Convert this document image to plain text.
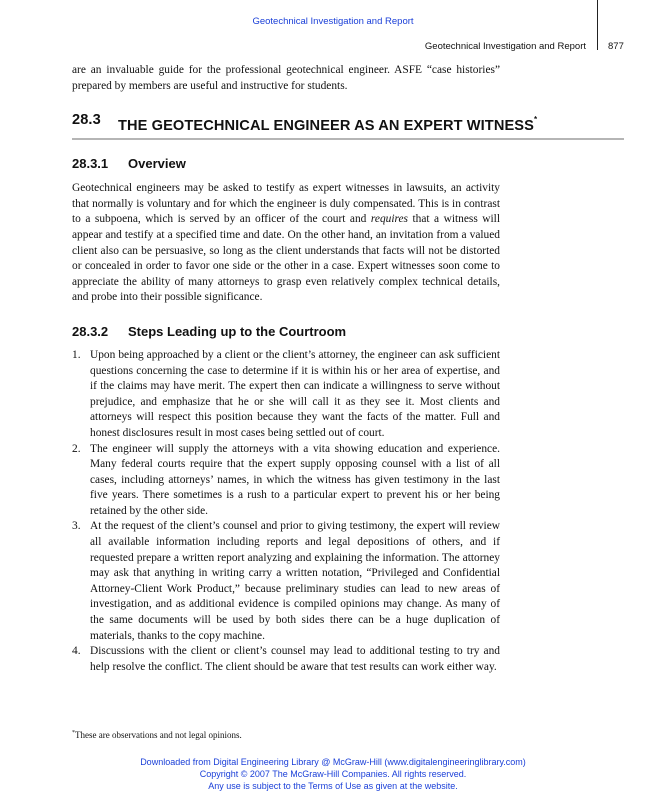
Geotechnical Investigation and Report
Geotechnical Investigation and Report 877

are an invaluable guide for the professional geotechnical engineer. ASFE “case histories” prepared by members are useful and instructive for students.

28.3	THE GEOTECHNICAL ENGINEER AS AN EXPERT WITNESS*
28.3.1	Overview

Geotechnical engineers may be asked to testify as expert witnesses in lawsuits, an activity that normally is voluntary and for which the engineer is duly compensated. This is in contrast to a subpoena, which is served by an officer of the court and requires that a witness will appear and testify at a specified time and date. On the other hand, an invitation from a valued client also can be persuasive, so long as the client understands that facts will not be distorted or concealed in order to favor one side or the other in a case. Expert witnesses soon come to appreciate the ability of many attorneys to grasp even relatively complex technical details, and probe into their possible significance.

28.3.2	Steps Leading up to the Courtroom
1. Upon being approached by a client or the client’s attorney, the engineer can ask sufficient questions concerning the case to determine if it is within his or her area of expertise, and if the claims may have merit. The expert then can indicate a willingness to serve without prejudice, and emphasize that he or she will call it as they see it. Most clients and attorneys will respect this position because they want the facts of the matter. Full and honest disclosures result in most cases being settled out of court.
2. The engineer will supply the attorneys with a vita showing education and experience. Many federal courts require that the expert supply opposing counsel with a list of all cases, including attorneys’ names, in which the witness has given testimony in the last five years. There sometimes is a rush to a particular expert to prevent his or her being retained by the other side.
3. At the request of the client’s counsel and prior to giving testimony, the expert will review all available information including reports and legal depositions of others, and if requested prepare a written report analyzing and explaining the information. The attorney may ask that anything in writing carry a written notation, “Privileged and Confidential Attorney-Client Work Product,” because preliminary studies can lead to new areas of investigation, and as additional evidence is compiled opinions may change. As many of the same documents will be used by both sides there can be a huge duplication of materials, thanks to the copy machine.
4. Discussions with the client or client’s counsel may lead to additional testing to try and help resolve the conflict. The client should be aware that test results can work either way.
*These are observations and not legal opinions.
Downloaded from Digital Engineering Library @ McGraw-Hill (www.digitalengineeringlibrary.com)
Copyright © 2007 The McGraw-Hill Companies. All rights reserved.
Any use is subject to the Terms of Use as given at the website.
